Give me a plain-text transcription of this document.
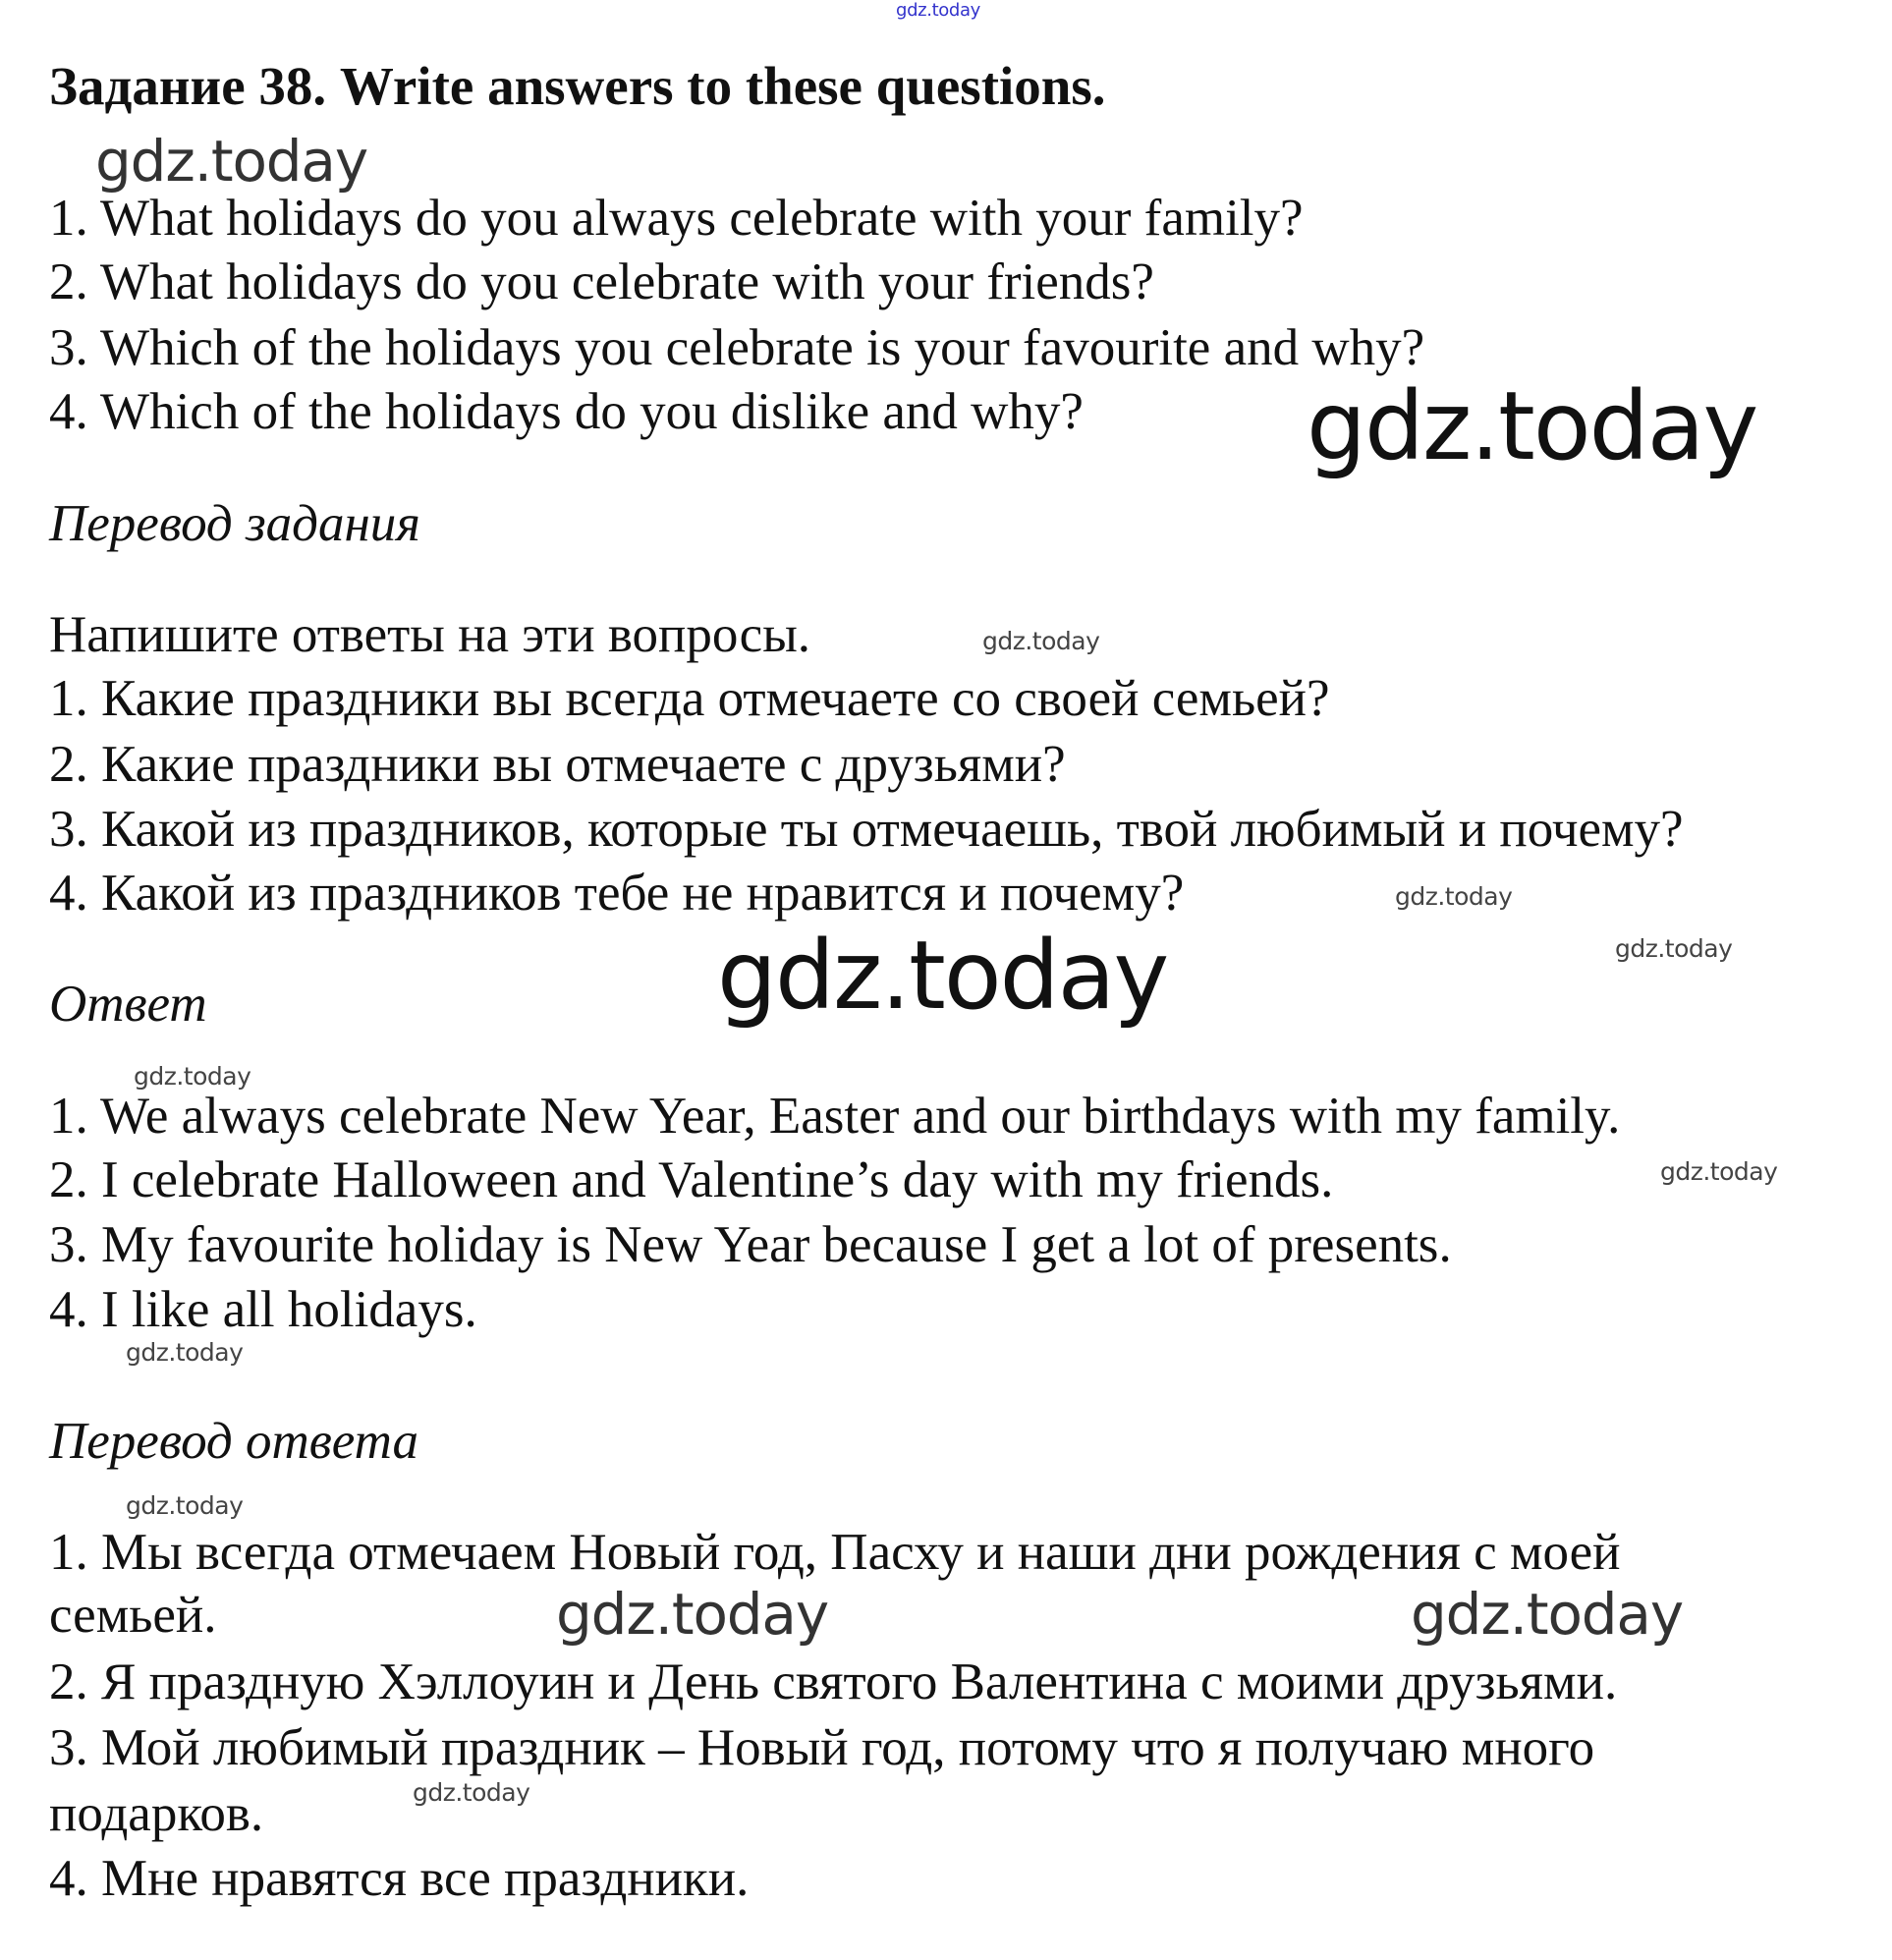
gdz.today
Задание 38. Write answers to these questions.
gdz.today
1. What holidays do you always celebrate with your family?
2. What holidays do you celebrate with your friends?
3. Which of the holidays you celebrate is your favourite and why?
4. Which of the holidays do you dislike and why? gdz.today
Перевод задания
Напишите ответы на эти вопросы.	gdz.today
1. Какие праздники вы всегда отмечаете со своей семьей?
2. Какие праздники вы отмечаете с друзьями?
3. Какой из праздников, которые ты отмечаешь, твой любимый и почему?
4. Какой из праздников тебе не нравится и почему?	gdz.today
gdz.today
Ответ	gdz.today
gdz.today
1. We always celebrate New Year, Easter and our birthdays with my family.
gdz.today
2. I celebrate Halloween and Valentine’s day with my friends.
3. My favourite holiday is New Year because I get a lot of presents.
4. I like all holidays.
gdz.today
Перевод ответа
gdz.today
1. Мы всегда отмечаем Новый год, Пасху и наши дни рождения с моей
семьей.	gdz.today	gdz.today
2. Я праздную Хэллоуин и День святого Валентина с моими друзьями.
3. Мой любимый праздник – Новый год, потому что я получаю много
подарков.	gdz.today
4. Мне нравятся все праздники.
